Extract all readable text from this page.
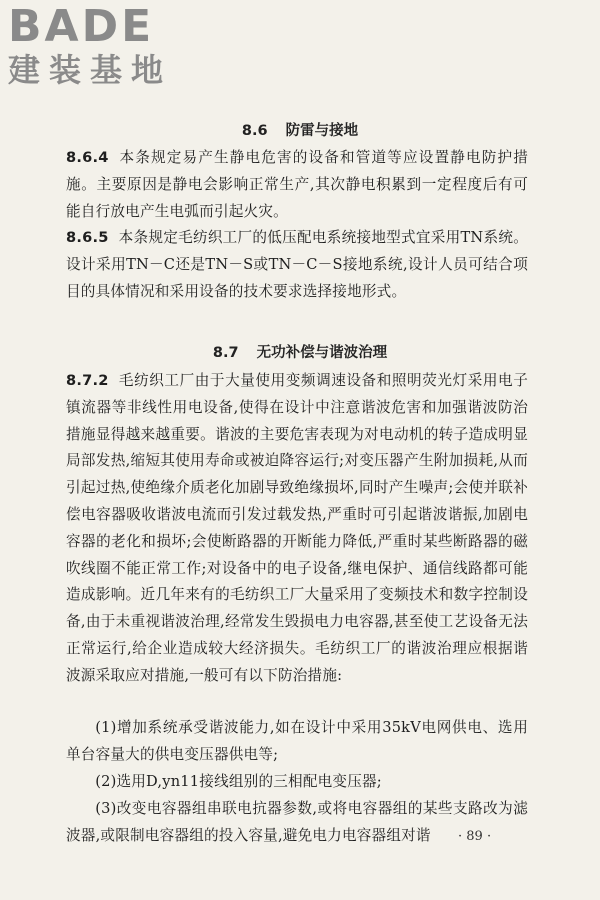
BADE
建装基地
8.6 防雷与接地
8.6.4 本条规定易产生静电危害的设备和管道等应设置静电防护措施。主要原因是静电会影响正常生产,其次静电积累到一定程度后有可能自行放电产生电弧而引起火灾。
8.6.5 本条规定毛纺织工厂的低压配电系统接地型式宜采用TN系统。设计采用TN－C还是TN－S或TN－C－S接地系统,设计人员可结合项目的具体情况和采用设备的技术要求选择接地形式。
8.7 无功补偿与谐波治理
8.7.2 毛纺织工厂由于大量使用变频调速设备和照明荧光灯采用电子镇流器等非线性用电设备,使得在设计中注意谐波危害和加强谐波防治措施显得越来越重要。谐波的主要危害表现为对电动机的转子造成明显局部发热,缩短其使用寿命或被迫降容运行;对变压器产生附加损耗,从而引起过热,使绝缘介质老化加剧导致绝缘损坏,同时产生噪声;会使并联补偿电容器吸收谐波电流而引发过载发热,严重时可引起谐波谐振,加剧电容器的老化和损坏;会使断路器的开断能力降低,严重时某些断路器的磁吹线圈不能正常工作;对设备中的电子设备,继电保护、通信线路都可能造成影响。近几年来有的毛纺织工厂大量采用了变频技术和数字控制设备,由于未重视谐波治理,经常发生毁损电力电容器,甚至使工艺设备无法正常运行,给企业造成较大经济损失。毛纺织工厂的谐波治理应根据谐波源采取应对措施,一般可有以下防治措施:
(1)增加系统承受谐波能力,如在设计中采用35kV电网供电、选用单台容量大的供电变压器供电等;
(2)选用D,yn11接线组别的三相配电变压器;
(3)改变电容器组串联电抗器参数,或将电容器组的某些支路改为滤波器,或限制电容器组的投入容量,避免电力电容器组对谐	· 89 ·
